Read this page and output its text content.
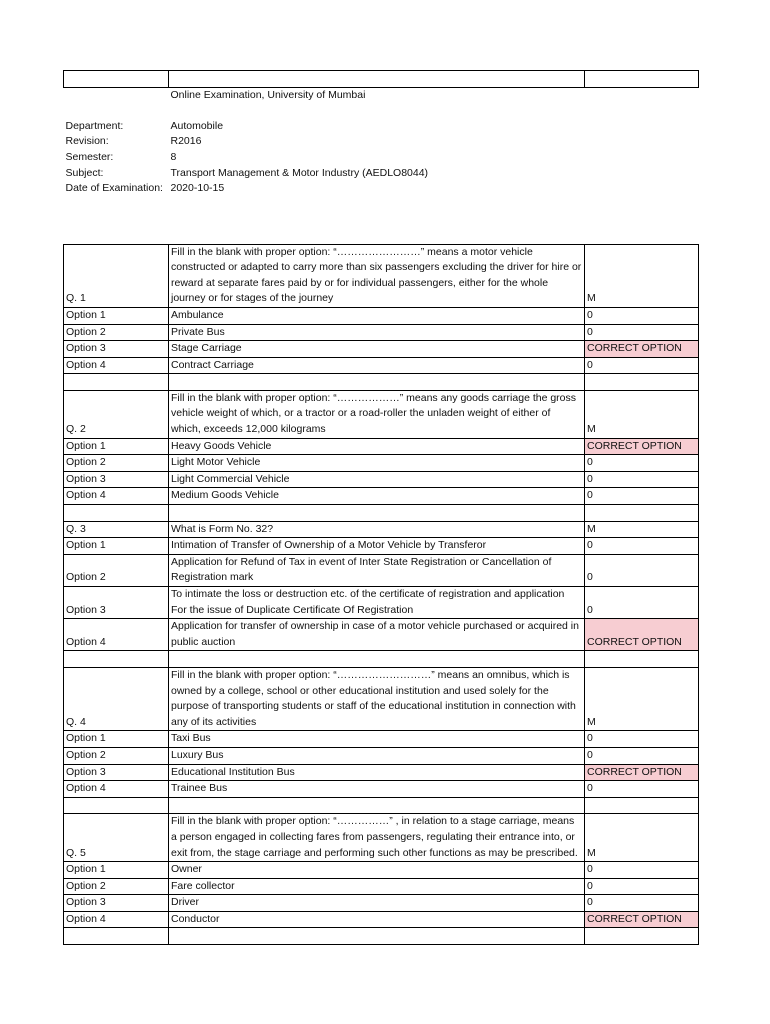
	Online Examination, University of Mumbai	

Department:	Automobile	
Revision:	R2016	
Semester:	8	
Subject:	Transport Management & Motor Industry (AEDLO8044)	
Date of Examination:	2020-10-15	

Q. 1	Fill in the blank with proper option: “……………………” means a motor vehicle constructed or adapted to carry more than six passengers excluding the driver for hire or reward at separate fares paid by or for individual passengers, either for the whole journey or for stages of the journey	M
Option 1	Ambulance	0
Option 2	Private Bus	0
Option 3	Stage Carriage	CORRECT OPTION
Option 4	Contract Carriage	0

Q. 2	Fill in the blank with proper option: “………………” means any goods carriage the gross vehicle weight of which, or a tractor or a road-roller the unladen weight of either of which, exceeds 12,000 kilograms	M
Option 1	Heavy Goods Vehicle	CORRECT OPTION
Option 2	Light Motor Vehicle	0
Option 3	Light Commercial Vehicle	0
Option 4	Medium Goods Vehicle	0

Q. 3	What is Form No. 32?	M
Option 1	Intimation of Transfer of Ownership of a Motor Vehicle by Transferor	0
Option 2	Application for Refund of Tax in event of Inter State Registration or Cancellation of Registration mark	0
Option 3	To intimate the loss or destruction etc. of the certificate of registration and application For the issue of Duplicate Certificate Of Registration	0
Option 4	Application for transfer of ownership in case of a motor vehicle purchased or acquired in public auction	CORRECT OPTION

Q. 4	Fill in the blank with proper option: “………………………” means an omnibus, which is owned by a college, school or other educational institution and used solely for the purpose of transporting students or staff of the educational institution in connection with any of its activities	M
Option 1	Taxi Bus	0
Option 2	Luxury Bus	0
Option 3	Educational Institution Bus	CORRECT OPTION
Option 4	Trainee Bus	0

Q. 5	Fill in the blank with proper option: “……………” , in relation to a stage carriage, means a person engaged in collecting fares from passengers, regulating their entrance into, or exit from, the stage carriage and performing such other functions as may be prescribed.	M
Option 1	Owner	0
Option 2	Fare collector	0
Option 3	Driver	0
Option 4	Conductor	CORRECT OPTION
